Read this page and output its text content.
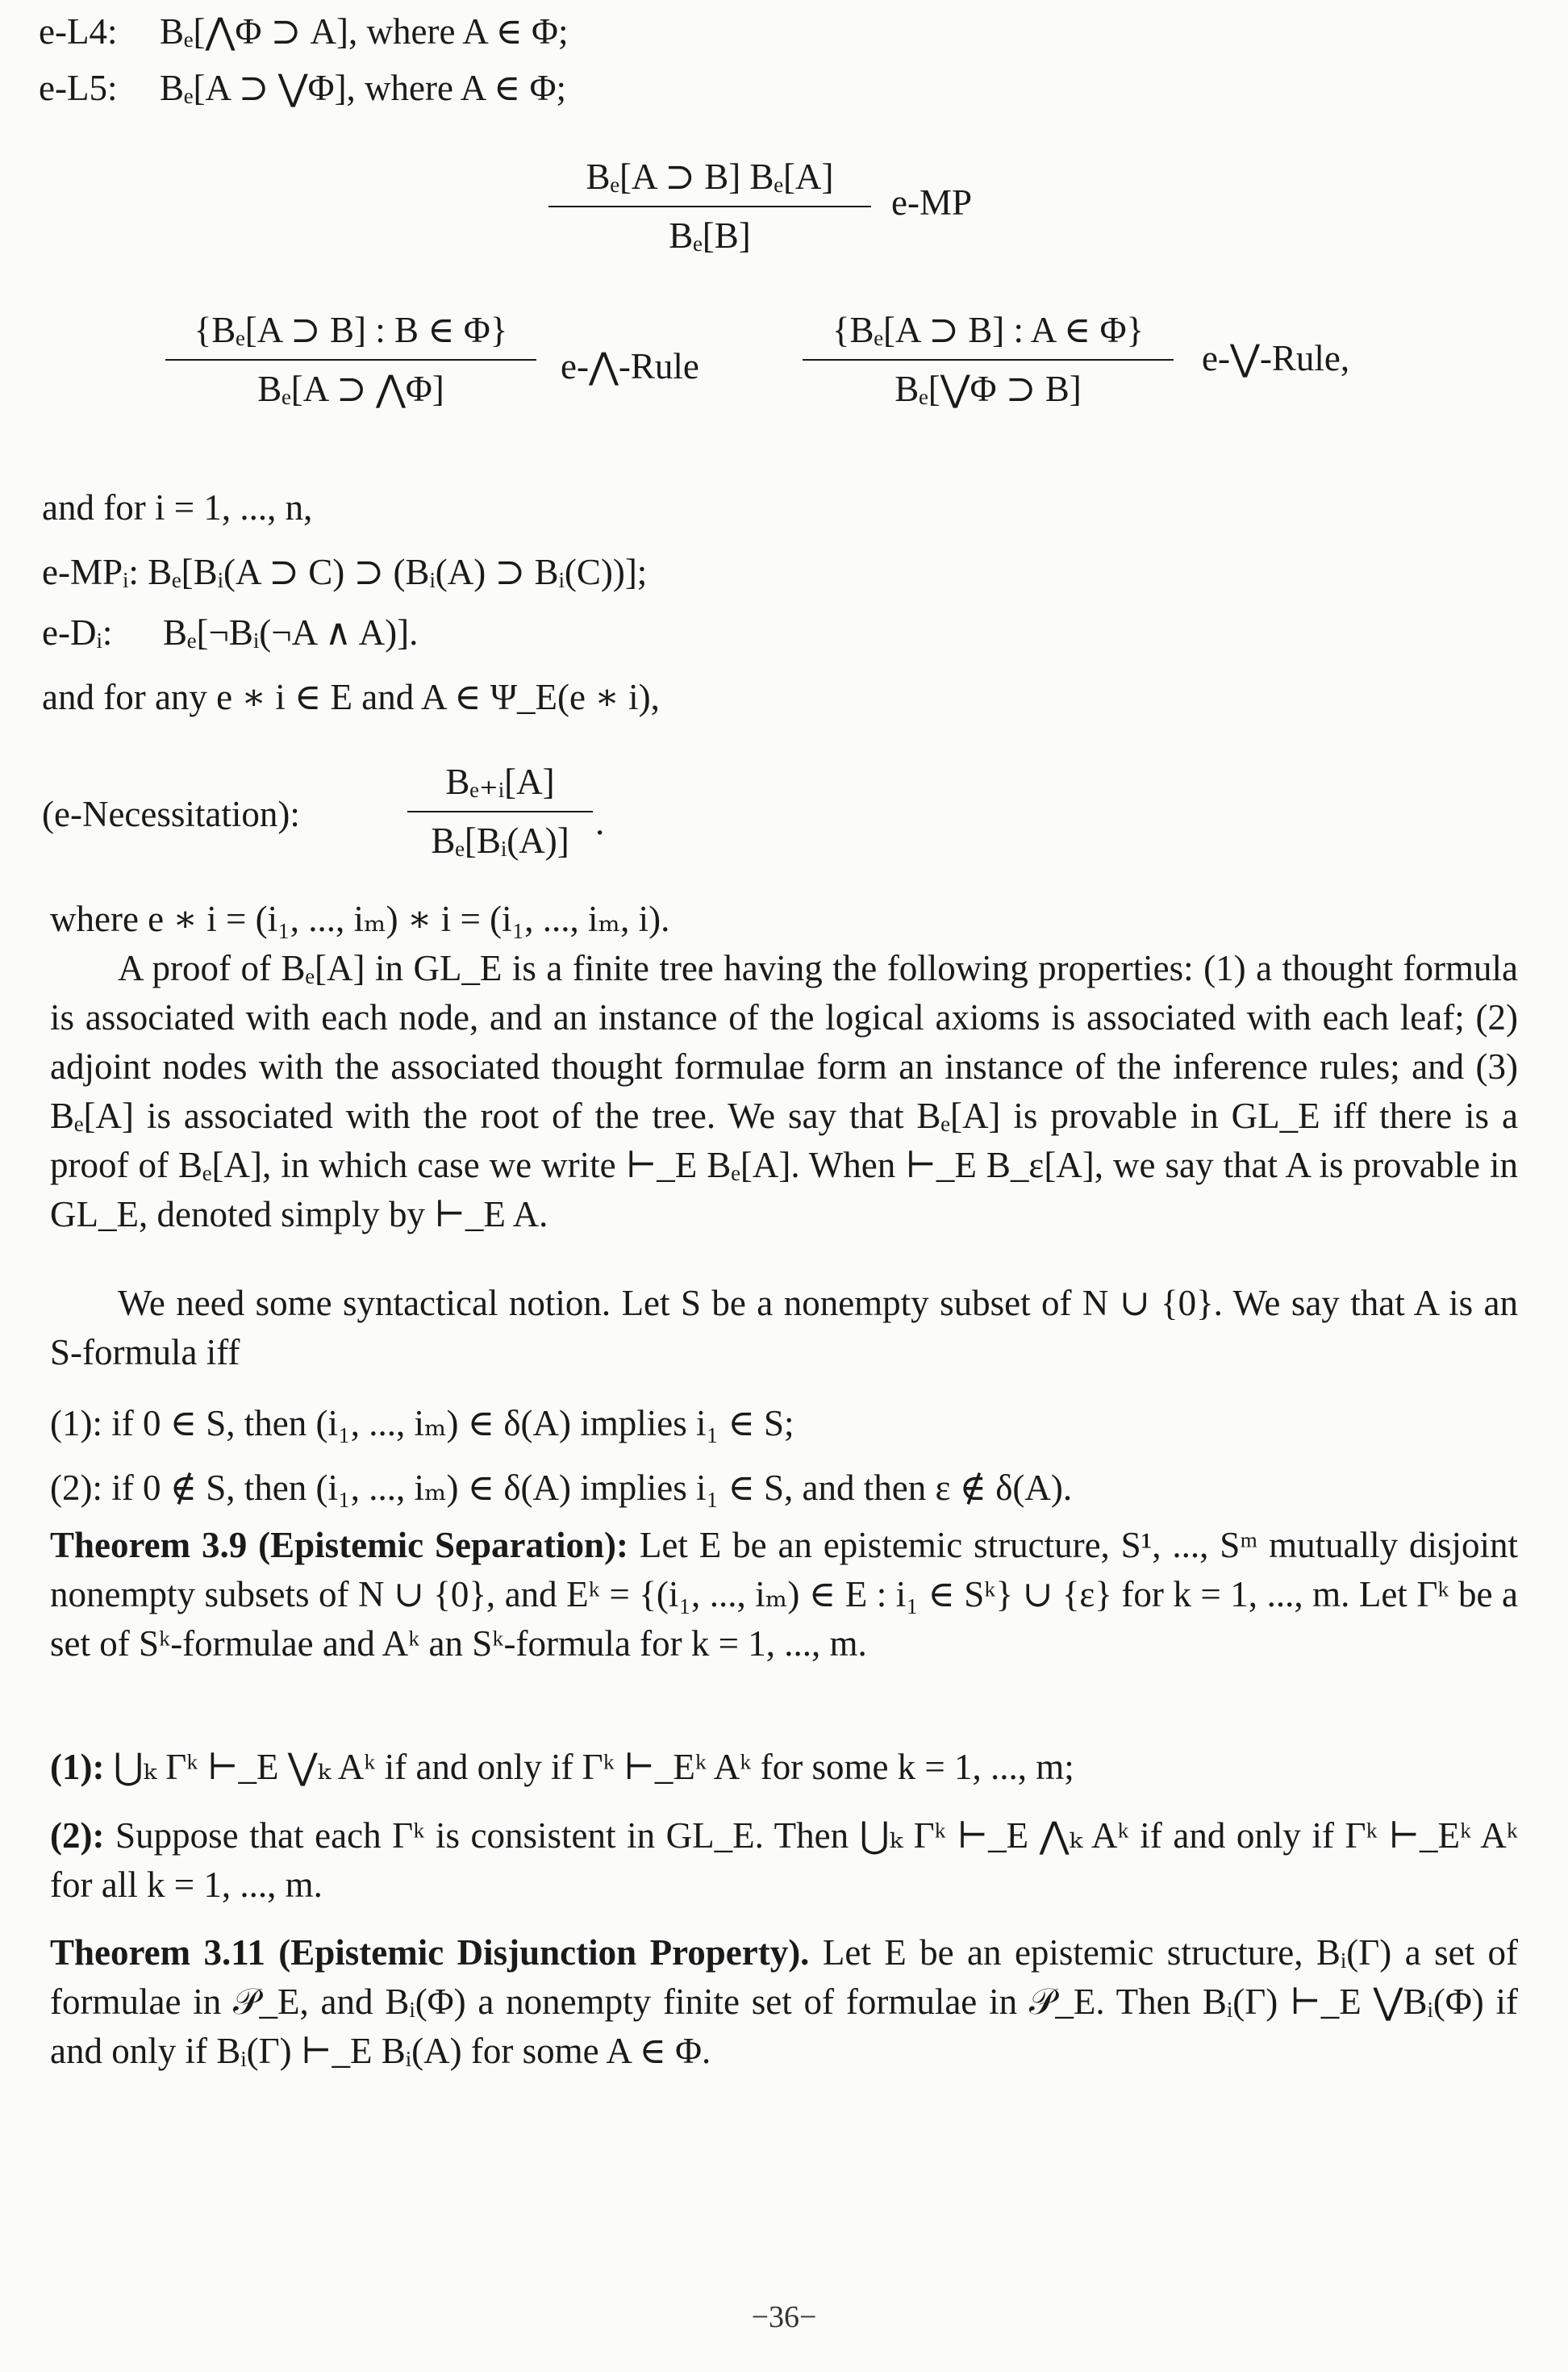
e-L4: Bₑ[⋀Φ ⊃ A], where A ∈ Φ;
e-L5: Bₑ[A ⊃ ⋁Φ], where A ∈ Φ;
Bₑ[A ⊃ B] Bₑ[A]
Bₑ[B]
e-MP
{Bₑ[A ⊃ B] : B ∈ Φ}
Bₑ[A ⊃ ⋀Φ]
e-⋀-Rule
{Bₑ[A ⊃ B] : A ∈ Φ}
Bₑ[⋁Φ ⊃ B]
e-⋁-Rule,
and for i = 1, ..., n,
e-MPᵢ: Bₑ[Bᵢ(A ⊃ C) ⊃ (Bᵢ(A) ⊃ Bᵢ(C))];
e-Dᵢ: Bₑ[¬Bᵢ(¬A ∧ A)].
and for any e ∗ i ∈ E and A ∈ Ψ_E(e ∗ i),
(e-Necessitation):
Bₑ₊ᵢ[A]
Bₑ[Bᵢ(A)] .
where e ∗ i = (i₁, ..., iₘ) ∗ i = (i₁, ..., iₘ, i).
A proof of Bₑ[A] in GL_E is a finite tree having the following properties: (1) a thought formula is associated with each node, and an instance of the logical axioms is associated with each leaf; (2) adjoint nodes with the associated thought formulae form an instance of the inference rules; and (3) Bₑ[A] is associated with the root of the tree. We say that Bₑ[A] is provable in GL_E iff there is a proof of Bₑ[A], in which case we write ⊢_E Bₑ[A]. When ⊢_E B_ε[A], we say that A is provable in GL_E, denoted simply by ⊢_E A.
We need some syntactical notion. Let S be a nonempty subset of N ∪ {0}. We say that A is an S-formula iff
(1): if 0 ∈ S, then (i₁, ..., iₘ) ∈ δ(A) implies i₁ ∈ S;
(2): if 0 ∉ S, then (i₁, ..., iₘ) ∈ δ(A) implies i₁ ∈ S, and then ε ∉ δ(A).
Theorem 3.9 (Epistemic Separation): Let E be an epistemic structure, S¹, ..., Sᵐ mutually disjoint nonempty subsets of N ∪ {0}, and Eᵏ = {(i₁, ..., iₘ) ∈ E : i₁ ∈ Sᵏ} ∪ {ε} for k = 1, ..., m. Let Γᵏ be a set of Sᵏ-formulae and Aᵏ an Sᵏ-formula for k = 1, ..., m.
(1): ⋃ₖ Γᵏ ⊢_E ⋁ₖ Aᵏ if and only if Γᵏ ⊢_Eᵏ Aᵏ for some k = 1, ..., m;
(2): Suppose that each Γᵏ is consistent in GL_E. Then ⋃ₖ Γᵏ ⊢_E ⋀ₖ Aᵏ if and only if Γᵏ ⊢_Eᵏ Aᵏ for all k = 1, ..., m.
Theorem 3.11 (Epistemic Disjunction Property). Let E be an epistemic structure, Bᵢ(Γ) a set of formulae in 𝒫_E, and Bᵢ(Φ) a nonempty finite set of formulae in 𝒫_E. Then Bᵢ(Γ) ⊢_E ⋁Bᵢ(Φ) if and only if Bᵢ(Γ) ⊢_E Bᵢ(A) for some A ∈ Φ.
−36−
